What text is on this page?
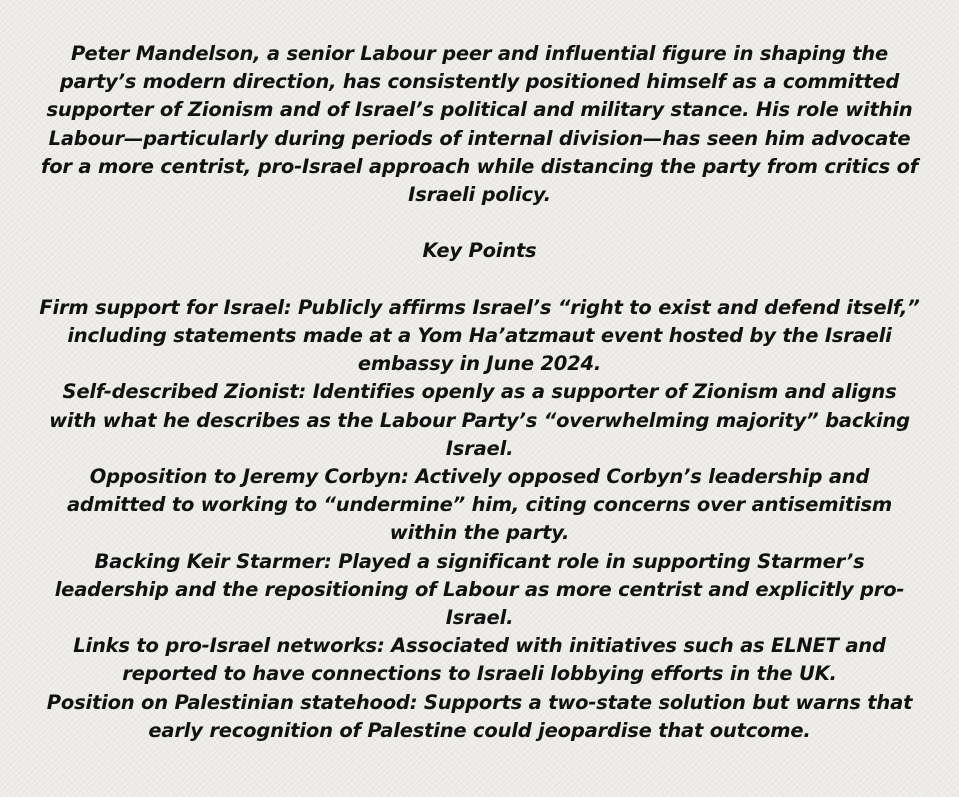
Peter Mandelson, a senior Labour peer and influential figure in shaping the
party’s modern direction, has consistently positioned himself as a committed
supporter of Zionism and of Israel’s political and military stance. His role within
Labour—particularly during periods of internal division—has seen him advocate
for a more centrist, pro-Israel approach while distancing the party from critics of
Israeli policy.
Key Points
Firm support for Israel: Publicly affirms Israel’s “right to exist and defend itself,”
including statements made at a Yom Ha’atzmaut event hosted by the Israeli
embassy in June 2024.
Self-described Zionist: Identifies openly as a supporter of Zionism and aligns
with what he describes as the Labour Party’s “overwhelming majority” backing
Israel.
Opposition to Jeremy Corbyn: Actively opposed Corbyn’s leadership and
admitted to working to “undermine” him, citing concerns over antisemitism
within the party.
Backing Keir Starmer: Played a significant role in supporting Starmer’s
leadership and the repositioning of Labour as more centrist and explicitly pro-
Israel.
Links to pro-Israel networks: Associated with initiatives such as ELNET and
reported to have connections to Israeli lobbying efforts in the UK.
Position on Palestinian statehood: Supports a two-state solution but warns that
early recognition of Palestine could jeopardise that outcome.
